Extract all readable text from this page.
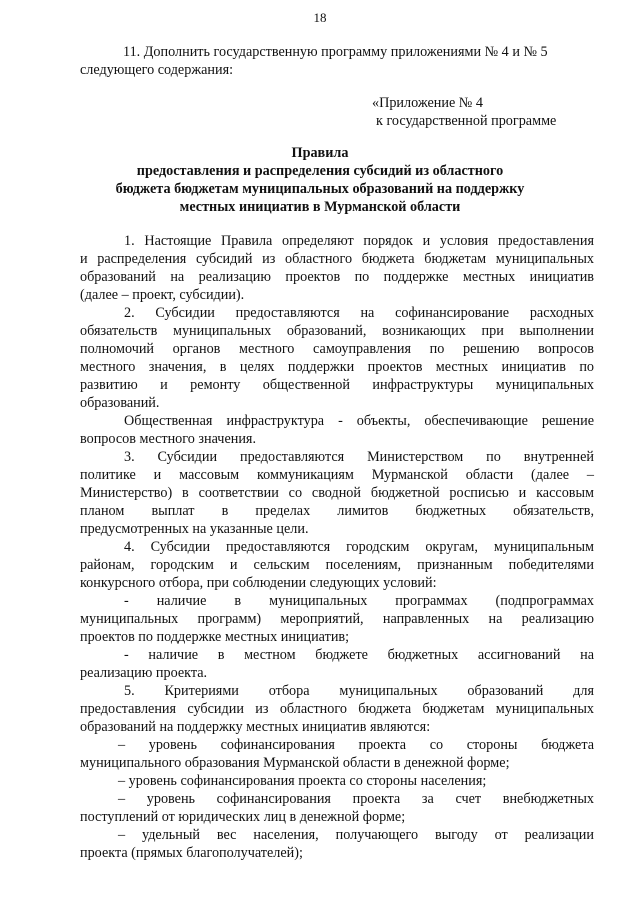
18
11. Дополнить государственную программу приложениями № 4 и № 5
следующего содержания:
«Приложение № 4
к государственной программе
Правила
предоставления и распределения субсидий из областного
бюджета бюджетам муниципальных образований на поддержку
местных инициатив в Мурманской области
1. Настоящие Правила определяют порядок и условия предоставления
и распределения субсидий из областного бюджета бюджетам муниципальных
образований на реализацию проектов по поддержке местных инициатив
(далее – проект, субсидии).
2. Субсидии предоставляются на софинансирование расходных
обязательств муниципальных образований, возникающих при выполнении
полномочий органов местного самоуправления по решению вопросов
местного значения, в целях поддержки проектов местных инициатив по
развитию и ремонту общественной инфраструктуры муниципальных
образований.
Общественная инфраструктура - объекты, обеспечивающие решение
вопросов местного значения.
3. Субсидии предоставляются Министерством по внутренней
политике и массовым коммуникациям Мурманской области (далее –
Министерство) в соответствии со сводной бюджетной росписью и кассовым
планом выплат в пределах лимитов бюджетных обязательств,
предусмотренных на указанные цели.
4. Субсидии предоставляются городским округам, муниципальным
районам, городским и сельским поселениям, признанным победителями
конкурсного отбора, при соблюдении следующих условий:
- наличие в муниципальных программах (подпрограммах
муниципальных программ) мероприятий, направленных на реализацию
проектов по поддержке местных инициатив;
- наличие в местном бюджете бюджетных ассигнований на
реализацию проекта.
5. Критериями отбора муниципальных образований для
предоставления субсидии из областного бюджета бюджетам муниципальных
образований на поддержку местных инициатив являются:
– уровень софинансирования проекта со стороны бюджета
муниципального образования Мурманской области в денежной форме;
– уровень софинансирования проекта со стороны населения;
– уровень софинансирования проекта за счет внебюджетных
поступлений от юридических лиц в денежной форме;
– удельный вес населения, получающего выгоду от реализации
проекта (прямых благополучателей);
